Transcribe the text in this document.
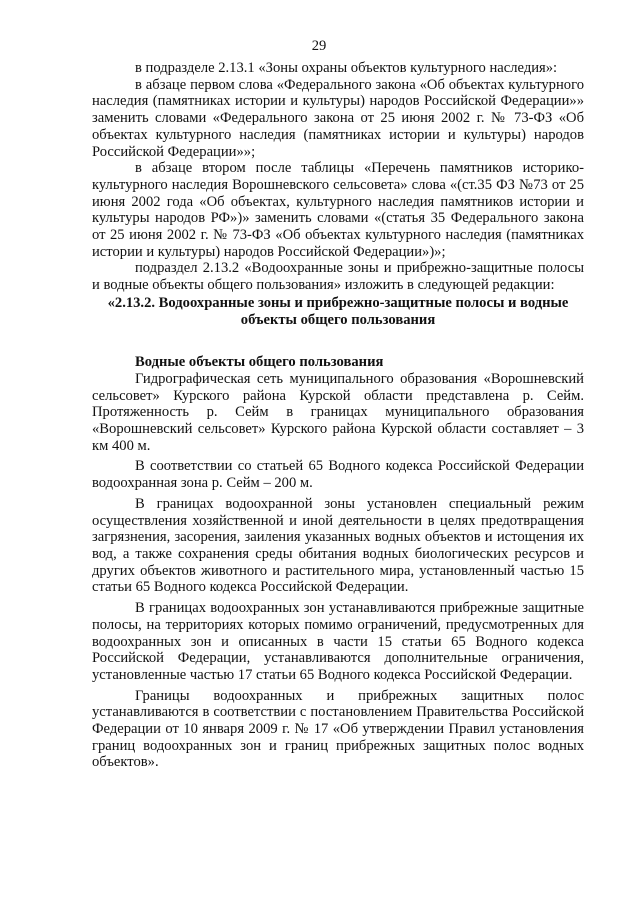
29

в подразделе 2.13.1 «Зоны охраны объектов культурного наследия»:

в абзаце первом слова «Федерального закона «Об объектах культурного наследия (памятниках истории и культуры) народов Российской Федерации»» заменить словами «Федерального закона от 25 июня 2002 г. № 73-ФЗ «Об объектах культурного наследия (памятниках истории и культуры) народов Российской Федерации»»;

в абзаце втором после таблицы «Перечень памятников историко-культурного наследия Ворошневского сельсовета» слова «(ст.35 ФЗ №73 от 25 июня 2002 года «Об объектах, культурного наследия памятников истории и культуры народов РФ»)» заменить словами «(статья 35 Федерального закона от 25 июня 2002 г. № 73-ФЗ «Об объектах культурного наследия (памятниках истории и культуры) народов Российской Федерации»)»;

подраздел 2.13.2 «Водоохранные зоны и прибрежно-защитные полосы и водные объекты общего пользования» изложить в следующей редакции:

«2.13.2. Водоохранные зоны и прибрежно-защитные полосы и водные объекты общего пользования
Водные объекты общего пользования

Гидрографическая сеть муниципального образования «Ворошневский сельсовет» Курского района Курской области представлена р. Сейм. Протяженность р. Сейм в границах муниципального образования «Ворошневский сельсовет» Курского района Курской области составляет – 3 км 400 м.

В соответствии со статьей 65 Водного кодекса Российской Федерации водоохранная зона р. Сейм – 200 м.

В границах водоохранной зоны установлен специальный режим осуществления хозяйственной и иной деятельности в целях предотвращения загрязнения, засорения, заиления указанных водных объектов и истощения их вод, а также сохранения среды обитания водных биологических ресурсов и других объектов животного и растительного мира, установленный частью 15 статьи 65 Водного кодекса Российской Федерации.

В границах водоохранных зон устанавливаются прибрежные защитные полосы, на территориях которых помимо ограничений, предусмотренных для водоохранных зон и описанных в части 15 статьи 65 Водного кодекса Российской Федерации, устанавливаются дополнительные ограничения, установленные частью 17 статьи 65 Водного кодекса Российской Федерации.

Границы водоохранных и прибрежных защитных полос устанавливаются в соответствии с постановлением Правительства Российской Федерации от 10 января 2009 г. № 17 «Об утверждении Правил установления границ водоохранных зон и границ прибрежных защитных полос водных объектов».
